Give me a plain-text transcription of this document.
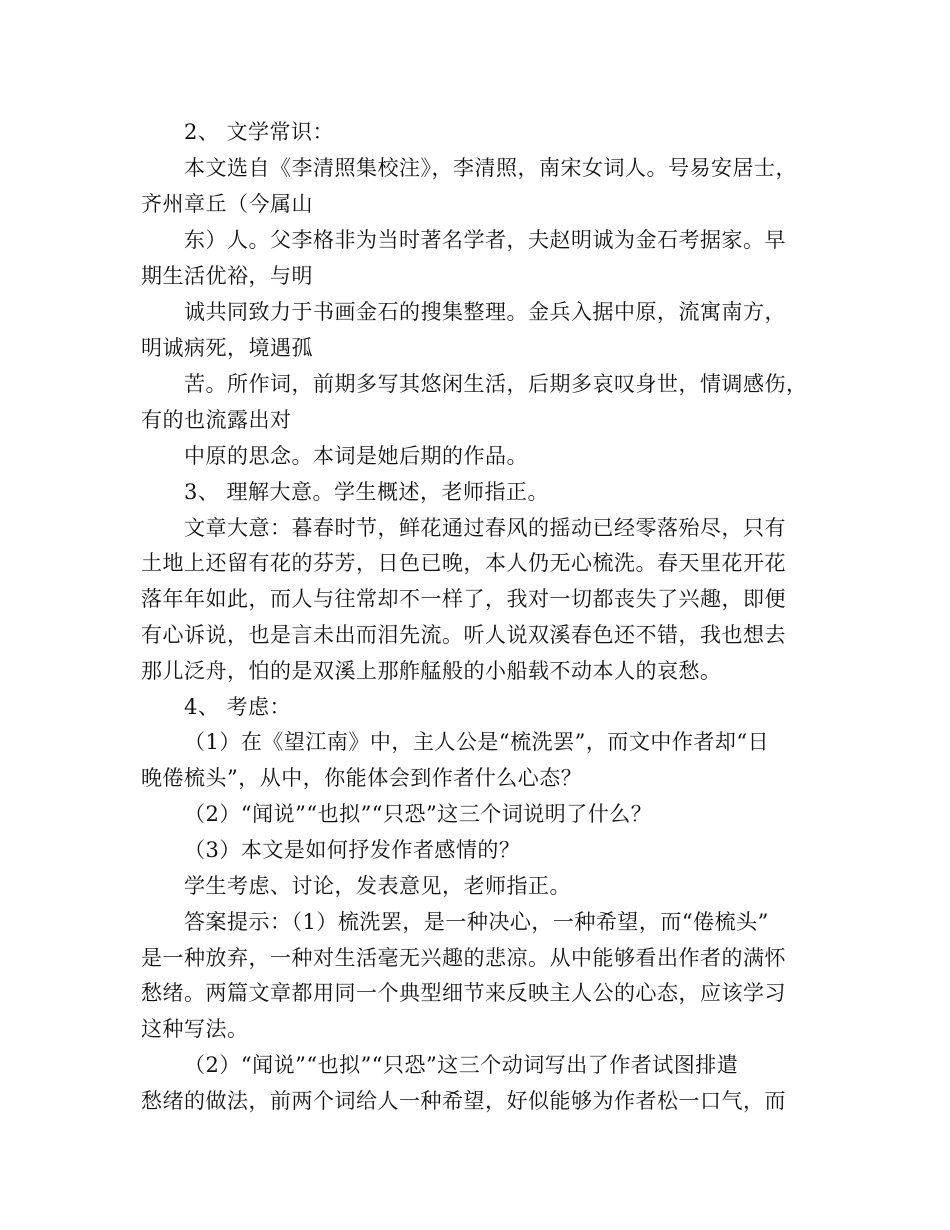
2、 文学常识：
本文选自《李清照集校注》，李清照，南宋女词人。号易安居士，
齐州章丘（今属山
东）人。父李格非为当时著名学者，夫赵明诚为金石考据家。早
期生活优裕，与明
诚共同致力于书画金石的搜集整理。金兵入据中原，流寓南方，
明诚病死，境遇孤
苦。所作词，前期多写其悠闲生活，后期多哀叹身世，情调感伤，
有的也流露出对
中原的思念。本词是她后期的作品。
3、 理解大意。学生概述，老师指正。
文章大意：暮春时节，鲜花通过春风的摇动已经零落殆尽，只有
土地上还留有花的芬芳，日色已晚，本人仍无心梳洗。春天里花开花
落年年如此，而人与往常却不一样了，我对一切都丧失了兴趣，即便
有心诉说，也是言未出而泪先流。听人说双溪春色还不错，我也想去
那儿泛舟，怕的是双溪上那舴艋般的小船载不动本人的哀愁。
4、 考虑：
（1）在《望江南》中，主人公是“梳洗罢”，而文中作者却“日
晚倦梳头”，从中，你能体会到作者什么心态？
（2）“闻说”“也拟”“只恐”这三个词说明了什么？
（3）本文是如何抒发作者感情的？
学生考虑、讨论，发表意见，老师指正。
答案提示：（1）梳洗罢，是一种决心，一种希望，而“倦梳头”
是一种放弃，一种对生活毫无兴趣的悲凉。从中能够看出作者的满怀
愁绪。两篇文章都用同一个典型细节来反映主人公的心态，应该学习
这种写法。
（2）“闻说”“也拟”“只恐”这三个动词写出了作者试图排遣
愁绪的做法，前两个词给人一种希望，好似能够为作者松一口气，而
